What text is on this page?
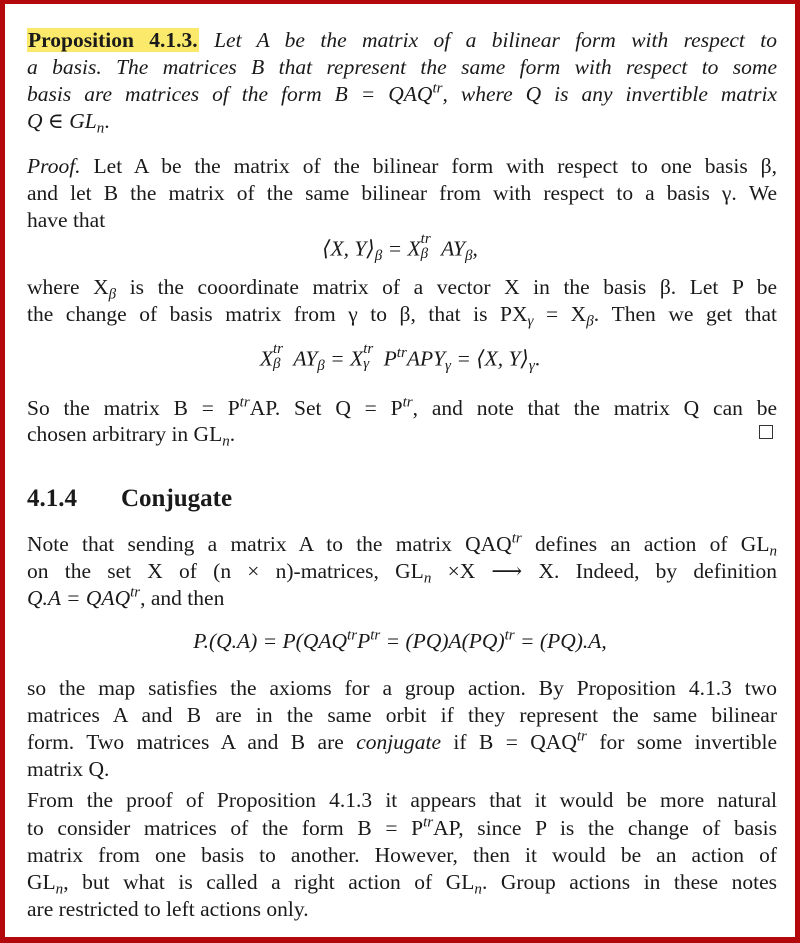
Proposition 4.1.3. Let A be the matrix of a bilinear form with respect to
a basis. The matrices B that represent the same form with respect to some
basis are matrices of the form $B = QAQ^{tr}$, where Q is any invertible matrix
Q ∈ $GL_n$.
Proof. Let A be the matrix of the bilinear form with respect to one basis β,
and let B the matrix of the same bilinear from with respect to a basis γ. We
have that
⟨X, $Y⟩_\beta = X$ tr
β $AY_\beta$,
where $X_\beta$ is the cooordinate matrix of a vector X in the basis β. Let P be
the change of basis matrix from γ to β, that is $PX_\gamma = X_\beta$. Then we get that
X tr
β $AY_\beta = X$ tr
γ $P^{tr}APY_\gamma$ = ⟨X, $Y⟩_\gamma$.
So the matrix $B = P^{tr}AP$. Set $Q = P^{tr}$, and note that the matrix Q can be
chosen arbitrary in $GL_n$.
4.1.4 Conjugate
Note that sending a matrix A to the matrix $QAQ^{tr}$ defines an action of $GL_n$
on the set X of (n × n)-matrices, $GL_n \times X$ ⟶ X. Indeed, by definition
$Q.A = QAQ^{tr}$, and then
$P.(Q.A) = P(QAQ^{tr}P^{tr} = (PQ)A(PQ)^{tr} = (PQ).A$,
so the map satisfies the axioms for a group action. By Proposition 4.1.3 two
matrices A and B are in the same orbit if they represent the same bilinear
form. Two matrices A and B are conjugate if $B = QAQ^{tr}$ for some invertible
matrix Q.
From the proof of Proposition 4.1.3 it appears that it would be more natural
to consider matrices of the form $B = P^{tr}AP$, since P is the change of basis
matrix from one basis to another. However, then it would be an action of
$GL_n$, but what is called a right action of $GL_n$. Group actions in these notes
are restricted to left actions only.
